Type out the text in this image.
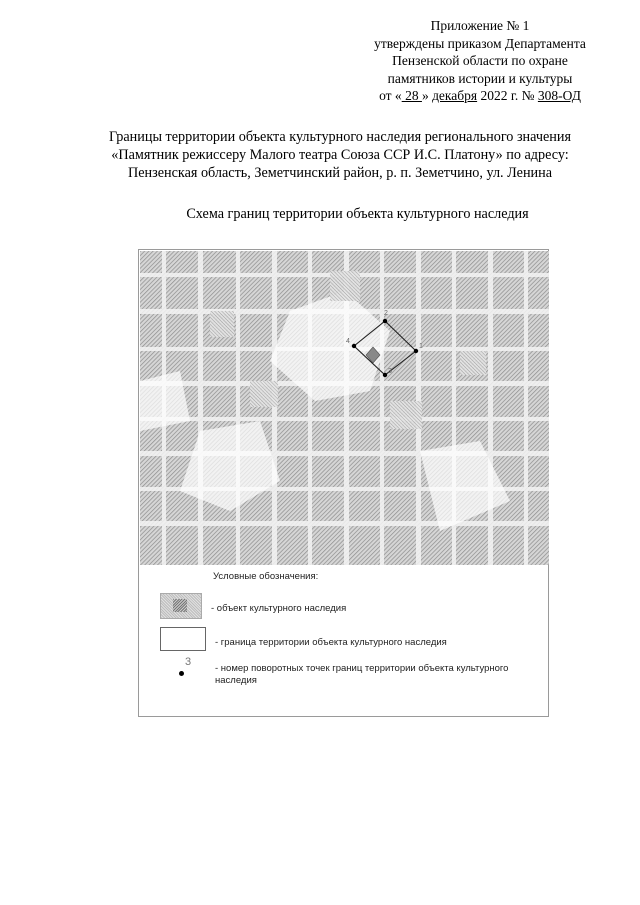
Приложение № 1
утверждены приказом Департамента
Пензенской области по охране
памятников истории и культуры
от « 28 » декабря 2022 г. № 308-ОД
Границы территории объекта культурного наследия регионального значения
«Памятник режиссеру Малого театра Союза ССР И.С. Платону» по адресу:
Пензенская область, Земетчинский район, р. п. Земетчино, ул. Ленина
Схема границ территории объекта культурного наследия
2
1
3
4
Условные обозначения:
- объект культурного наследия
- граница территории объекта культурного наследия
3
- номер поворотных точек границ территории объекта культурного
наследия
